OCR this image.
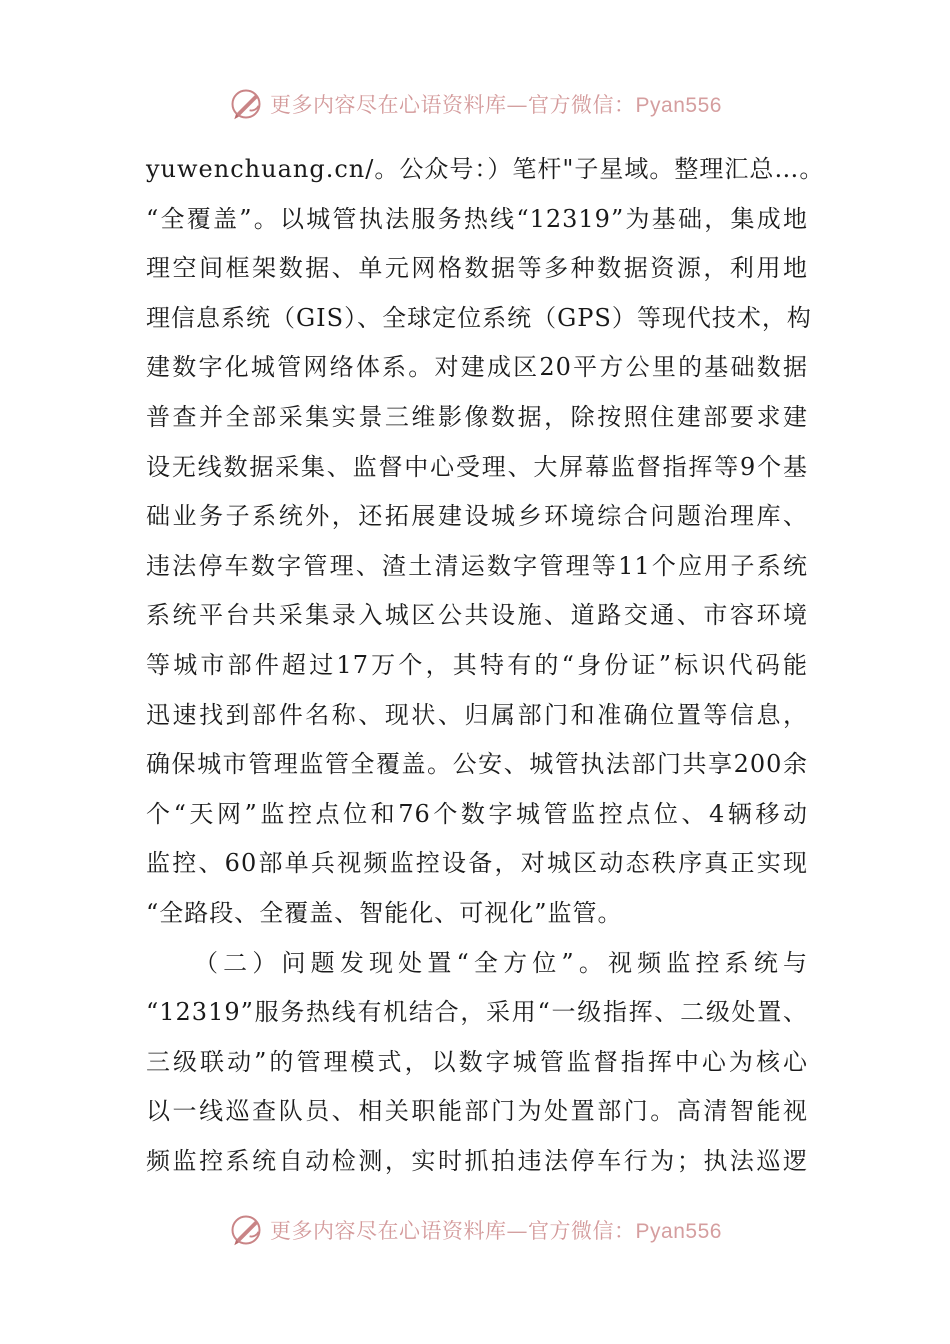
更多内容尽在心语资料库—官方微信：Pyan556
yuwenchuang.cn/。公众号：）笔杆"子星域。整理汇总…。
“全覆盖”。以城管执法服务热线“12319”为基础，集成地
理空间框架数据、单元网格数据等多种数据资源，利用地
理信息系统（GIS）、全球定位系统（GPS）等现代技术，构
建数字化城管网络体系。对建成区20平方公里的基础数据
普查并全部采集实景三维影像数据，除按照住建部要求建
设无线数据采集、监督中心受理、大屏幕监督指挥等9个基
础业务子系统外，还拓展建设城乡环境综合问题治理库、
违法停车数字管理、渣土清运数字管理等11个应用子系统
系统平台共采集录入城区公共设施、道路交通、市容环境
等城市部件超过17万个，其特有的“身份证”标识代码能
迅速找到部件名称、现状、归属部门和准确位置等信息，
确保城市管理监管全覆盖。公安、城管执法部门共享200余
个“天网”监控点位和76个数字城管监控点位、4辆移动
监控、60部单兵视频监控设备，对城区动态秩序真正实现
“全路段、全覆盖、智能化、可视化”监管。
（二）问题发现处置“全方位”。视频监控系统与
“12319”服务热线有机结合，采用“一级指挥、二级处置、
三级联动”的管理模式，以数字城管监督指挥中心为核心
以一线巡查队员、相关职能部门为处置部门。高清智能视
频监控系统自动检测，实时抓拍违法停车行为；执法巡逻
更多内容尽在心语资料库—官方微信：Pyan556
